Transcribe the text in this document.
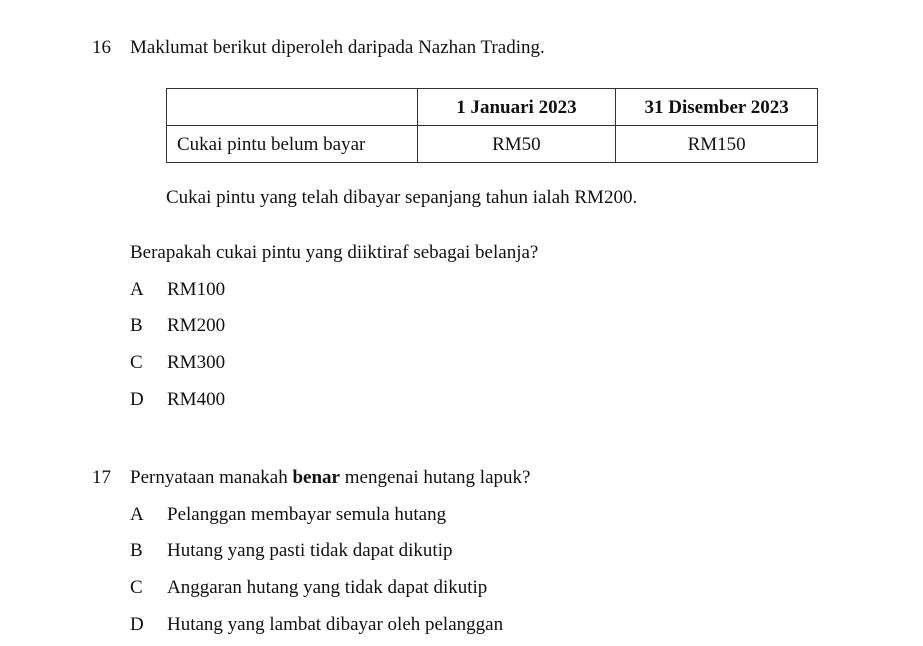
16 Maklumat berikut diperoleh daripada Nazhan Trading.
	1 Januari 2023	31 Disember 2023
Cukai pintu belum bayar	RM50	RM150
Cukai pintu yang telah dibayar sepanjang tahun ialah RM200.
Berapakah cukai pintu yang diiktiraf sebagai belanja?
A RM100
B RM200
C RM300
D RM400
17 Pernyataan manakah benar mengenai hutang lapuk?
A Pelanggan membayar semula hutang
B Hutang yang pasti tidak dapat dikutip
C Anggaran hutang yang tidak dapat dikutip
D Hutang yang lambat dibayar oleh pelanggan
